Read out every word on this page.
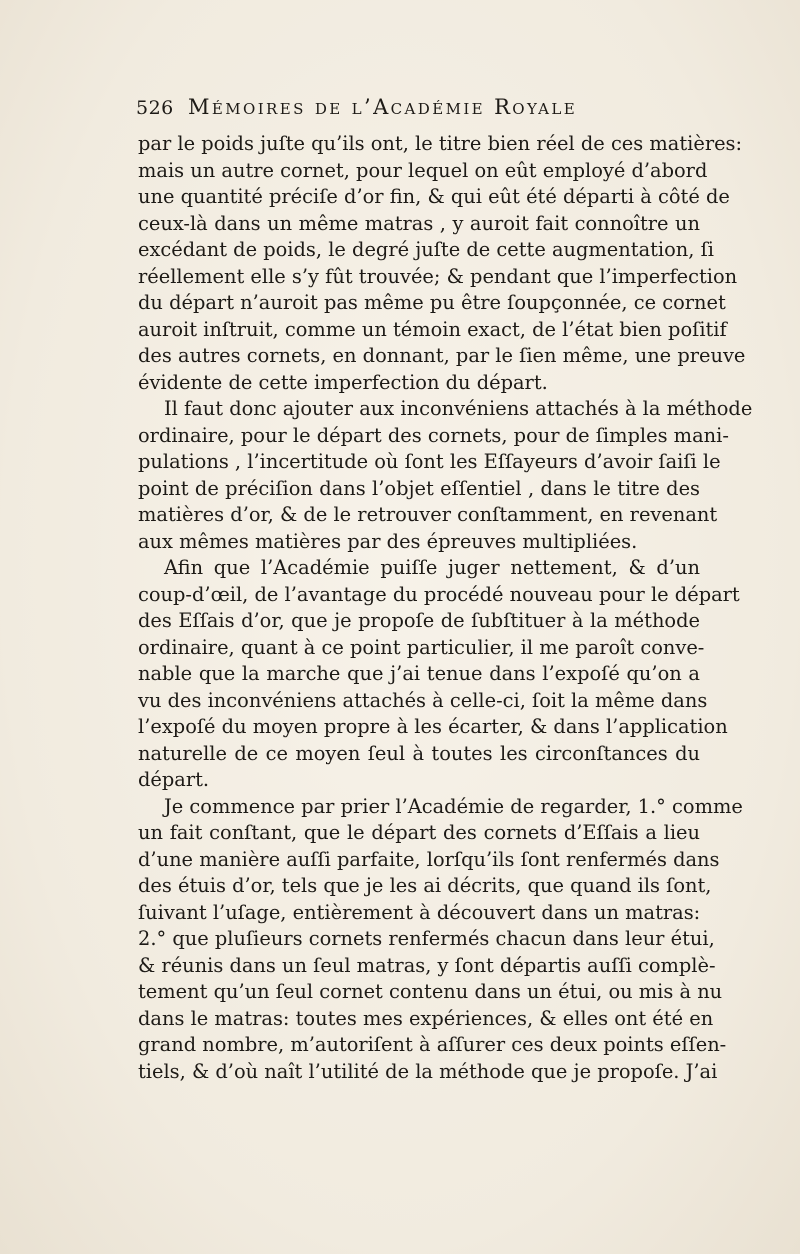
526 Mémoires de l’Académie Royale
par le poids juſte qu’ils ont, le titre bien réel de ces matières:
mais un autre cornet, pour lequel on eût employé d’abord
une quantité préciſe d’or fin, & qui eût été départi à côté de
ceux-là dans un même matras , y auroit fait connoître un
excédant de poids, le degré juſte de cette augmentation, ſi
réellement elle s’y fût trouvée; & pendant que l’imperfection
du départ n’auroit pas même pu être ſoupçonnée, ce cornet
auroit inſtruit, comme un témoin exact, de l’état bien poſitif
des autres cornets, en donnant, par le ſien même, une preuve
évidente de cette imperfection du départ.
Il faut donc ajouter aux inconvéniens attachés à la méthode
ordinaire, pour le départ des cornets, pour de ſimples mani-
pulations , l’incertitude où ſont les Eſſayeurs d’avoir ſaiſi le
point de préciſion dans l’objet eſſentiel , dans le titre des
matières d’or, & de le retrouver conſtamment, en revenant
aux mêmes matières par des épreuves multipliées.
Afin que l’Académie puiſſe juger nettement, & d’un
coup-d’œil, de l’avantage du procédé nouveau pour le départ
des Eſſais d’or, que je propoſe de ſubſtituer à la méthode
ordinaire, quant à ce point particulier, il me paroît conve-
nable que la marche que j’ai tenue dans l’expoſé qu’on a
vu des inconvéniens attachés à celle-ci, ſoit la même dans
l’expoſé du moyen propre à les écarter, & dans l’application
naturelle de ce moyen ſeul à toutes les circonſtances du
départ.
Je commence par prier l’Académie de regarder, 1.° comme
un fait conſtant, que le départ des cornets d’Eſſais a lieu
d’une manière auſſi parfaite, lorſqu’ils ſont renfermés dans
des étuis d’or, tels que je les ai décrits, que quand ils ſont,
ſuivant l’uſage, entièrement à découvert dans un matras:
2.° que pluſieurs cornets renfermés chacun dans leur étui,
& réunis dans un ſeul matras, y ſont départis auſſi complè-
tement qu’un ſeul cornet contenu dans un étui, ou mis à nu
dans le matras: toutes mes expériences, & elles ont été en
grand nombre, m’autoriſent à aſſurer ces deux points eſſen-
tiels, & d’où naît l’utilité de la méthode que je propoſe. J’ai
